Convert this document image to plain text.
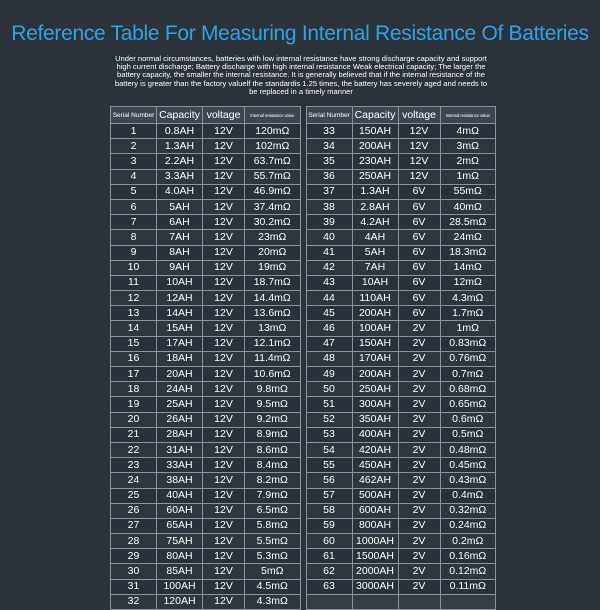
Reference Table For Measuring Internal Resistance Of Batteries
Under normal circumstances, batteries with low internal resistance have strong discharge capacity and support high current discharge; Battery discharge with high internal resistance Weak electrical capacity; The larger the battery capacity, the smaller the internal resistance. It is generally believed that if the internal resistance of the battery is greater than the factory valuelf the standardis 1.25 times, the battery has severely aged and needs to be replaced in a timely manner
Serial Number	Capacity	voltage	Internal resistance value
1	0.8AH	12V	120mΩ
2	1.3AH	12V	102mΩ
3	2.2AH	12V	63.7mΩ
4	3.3AH	12V	55.7mΩ
5	4.0AH	12V	46.9mΩ
6	5AH	12V	37.4mΩ
7	6AH	12V	30.2mΩ
8	7AH	12V	23mΩ
9	8AH	12V	20mΩ
10	9AH	12V	19mΩ
11	10AH	12V	18.7mΩ
12	12AH	12V	14.4mΩ
13	14AH	12V	13.6mΩ
14	15AH	12V	13mΩ
15	17AH	12V	12.1mΩ
16	18AH	12V	11.4mΩ
17	20AH	12V	10.6mΩ
18	24AH	12V	9.8mΩ
19	25AH	12V	9.5mΩ
20	26AH	12V	9.2mΩ
21	28AH	12V	8.9mΩ
22	31AH	12V	8.6mΩ
23	33AH	12V	8.4mΩ
24	38AH	12V	8.2mΩ
25	40AH	12V	7.9mΩ
26	60AH	12V	6.5mΩ
27	65AH	12V	5.8mΩ
28	75AH	12V	5.5mΩ
29	80AH	12V	5.3mΩ
30	85AH	12V	5mΩ
31	100AH	12V	4.5mΩ
32	120AH	12V	4.3mΩ
Serial Number	Capacity	voltage	Internal resistance value
33	150AH	12V	4mΩ
34	200AH	12V	3mΩ
35	230AH	12V	2mΩ
36	250AH	12V	1mΩ
37	1.3AH	6V	55mΩ
38	2.8AH	6V	40mΩ
39	4.2AH	6V	28.5mΩ
40	4AH	6V	24mΩ
41	5AH	6V	18.3mΩ
42	7AH	6V	14mΩ
43	10AH	6V	12mΩ
44	110AH	6V	4.3mΩ
45	200AH	6V	1.7mΩ
46	100AH	2V	1mΩ
47	150AH	2V	0.83mΩ
48	170AH	2V	0.76mΩ
49	200AH	2V	0.7mΩ
50	250AH	2V	0.68mΩ
51	300AH	2V	0.65mΩ
52	350AH	2V	0.6mΩ
53	400AH	2V	0.5mΩ
54	420AH	2V	0.48mΩ
55	450AH	2V	0.45mΩ
56	462AH	2V	0.43mΩ
57	500AH	2V	0.4mΩ
58	600AH	2V	0.32mΩ
59	800AH	2V	0.24mΩ
60	1000AH	2V	0.2mΩ
61	1500AH	2V	0.16mΩ
62	2000AH	2V	0.12mΩ
63	3000AH	2V	0.11mΩ
